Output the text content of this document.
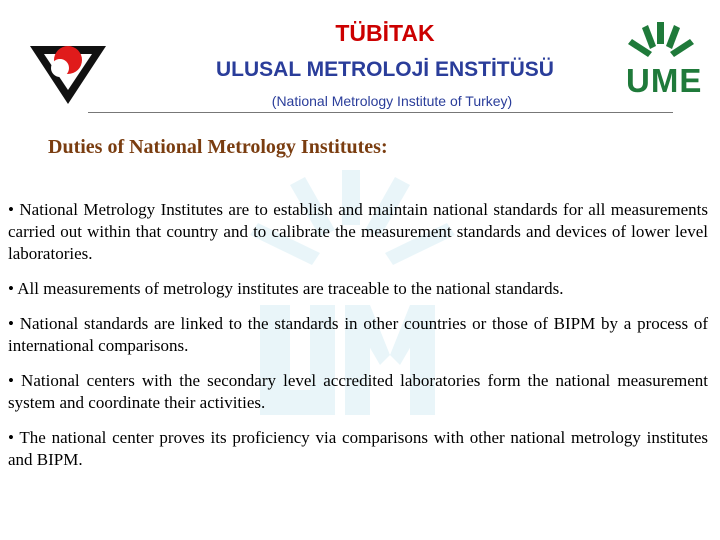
UME
TÜBİTAK
ULUSAL METROLOJİ ENSTİTÜSÜ
(National Metrology Institute of Turkey)
Duties of National Metrology Institutes:

• National Metrology Institutes are to establish and maintain national standards for all measurements carried out within that country and to calibrate the measurement standards and devices of lower level laboratories.

• All measurements of metrology institutes are traceable to the national standards.

• National standards are linked to the standards in other countries or those of BIPM by a process of international comparisons.

• National centers with the secondary level accredited laboratories form the national measurement system and coordinate their activities.

• The national center proves its proficiency via comparisons with other national metrology institutes and BIPM.
